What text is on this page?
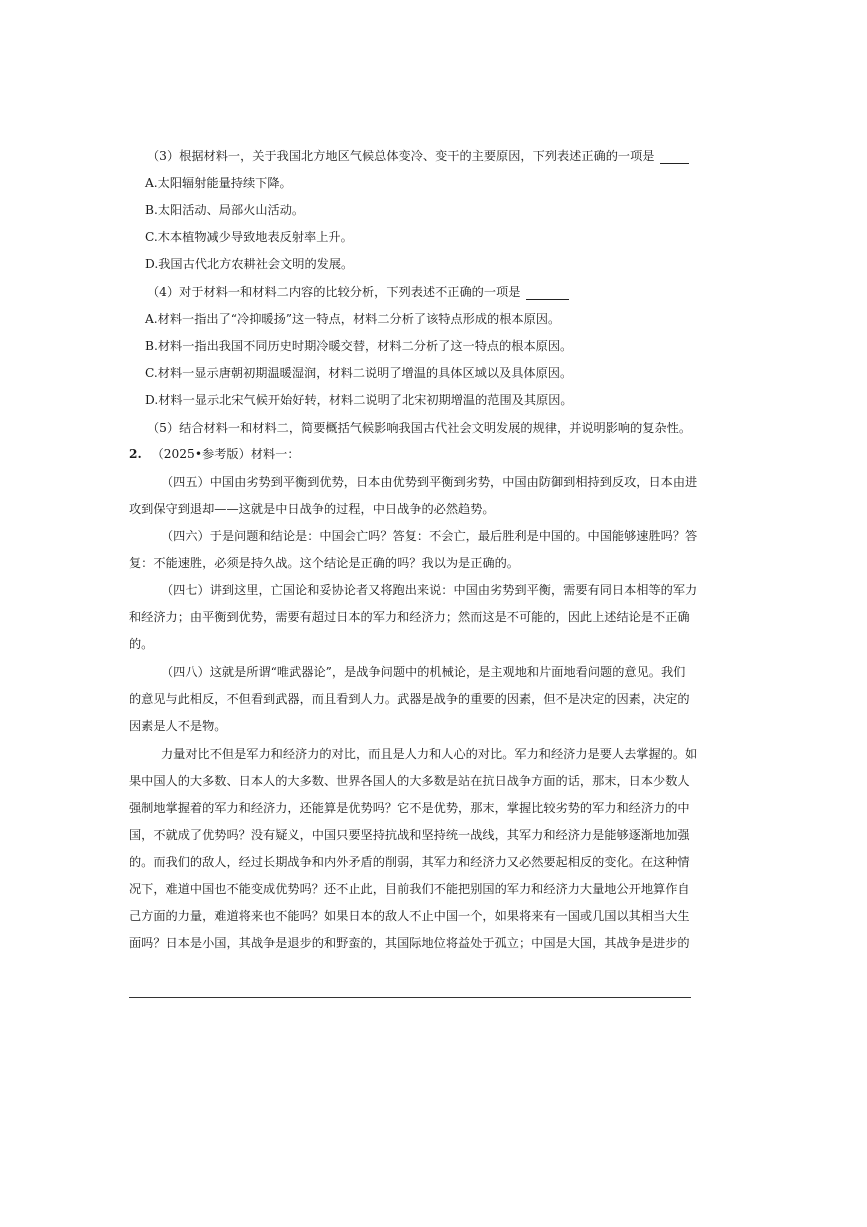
（3）根据材料一，关于我国北方地区气候总体变冷、变干的主要原因，下列表述正确的一项是
A.太阳辐射能量持续下降。
B.太阳活动、局部火山活动。
C.木本植物减少导致地表反射率上升。
D.我国古代北方农耕社会文明的发展。
（4）对于材料一和材料二内容的比较分析，下列表述不正确的一项是
A.材料一指出了“冷抑暖扬”这一特点，材料二分析了该特点形成的根本原因。
B.材料一指出我国不同历史时期冷暖交替，材料二分析了这一特点的根本原因。
C.材料一显示唐朝初期温暖湿润，材料二说明了增温的具体区域以及具体原因。
D.材料一显示北宋气候开始好转，材料二说明了北宋初期增温的范围及其原因。
（5）结合材料一和材料二，简要概括气候影响我国古代社会文明发展的规律，并说明影响的复杂性。
2. （2025•参考版）材料一：
（四五）中国由劣势到平衡到优势，日本由优势到平衡到劣势，中国由防御到相持到反攻，日本由进
攻到保守到退却——这就是中日战争的过程，中日战争的必然趋势。
（四六）于是问题和结论是：中国会亡吗？答复：不会亡，最后胜利是中国的。中国能够速胜吗？答
复：不能速胜，必须是持久战。这个结论是正确的吗？我以为是正确的。
（四七）讲到这里，亡国论和妥协论者又将跑出来说：中国由劣势到平衡，需要有同日本相等的军力
和经济力；由平衡到优势，需要有超过日本的军力和经济力；然而这是不可能的，因此上述结论是不正确
的。
（四八）这就是所谓“唯武器论”，是战争问题中的机械论，是主观地和片面地看问题的意见。我们
的意见与此相反，不但看到武器，而且看到人力。武器是战争的重要的因素，但不是决定的因素，决定的
因素是人不是物。
力量对比不但是军力和经济力的对比，而且是人力和人心的对比。军力和经济力是要人去掌握的。如
果中国人的大多数、日本人的大多数、世界各国人的大多数是站在抗日战争方面的话，那末，日本少数人
强制地掌握着的军力和经济力，还能算是优势吗？它不是优势，那末，掌握比较劣势的军力和经济力的中
国，不就成了优势吗？没有疑义，中国只要坚持抗战和坚持统一战线，其军力和经济力是能够逐渐地加强
的。而我们的敌人，经过长期战争和内外矛盾的削弱，其军力和经济力又必然要起相反的变化。在这种情
况下，难道中国也不能变成优势吗？还不止此，目前我们不能把别国的军力和经济力大量地公开地算作自
己方面的力量，难道将来也不能吗？如果日本的敌人不止中国一个，如果将来有一国或几国以其相当大生
面吗？日本是小国，其战争是退步的和野蛮的，其国际地位将益处于孤立；中国是大国，其战争是进步的
